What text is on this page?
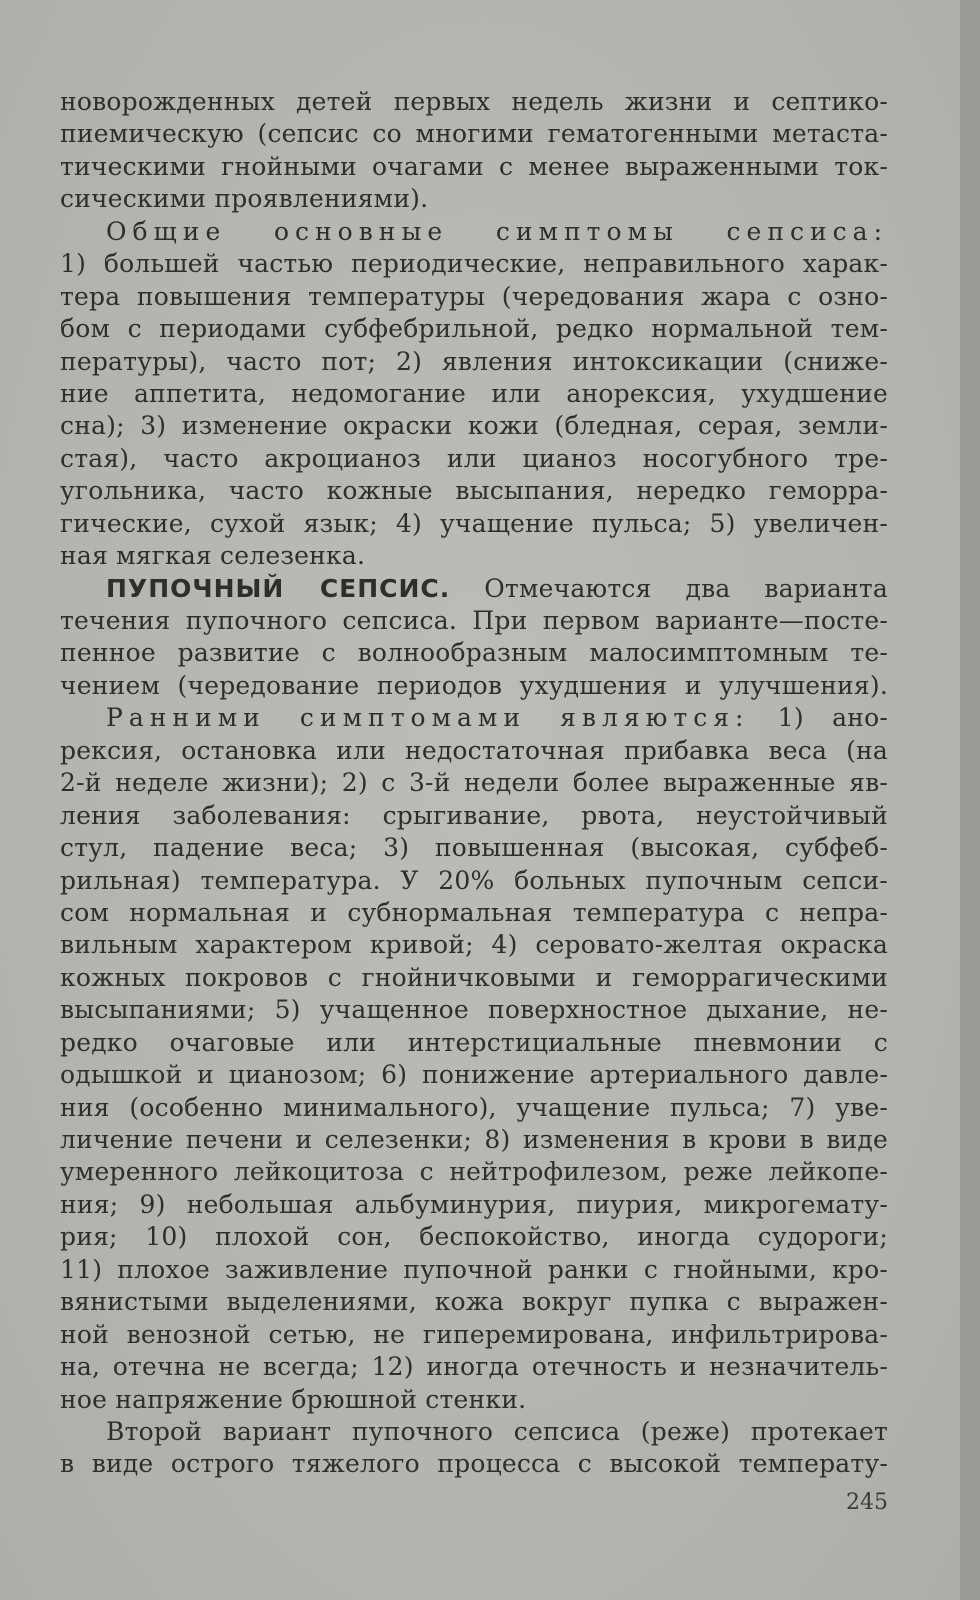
новорожденных детей первых недель жизни и септико-
пиемическую (сепсис со многими гематогенными метаста-
тическими гнойными очагами с менее выраженными ток-
сическими проявлениями).
Общие основные симптомы сепсиса:
1) большей частью периодические, неправильного харак-
тера повышения температуры (чередования жара с озно-
бом с периодами субфебрильной, редко нормальной тем-
пературы), часто пот; 2) явления интоксикации (сниже-
ние аппетита, недомогание или анорексия, ухудшение
сна); 3) изменение окраски кожи (бледная, серая, земли-
стая), часто акроцианоз или цианоз носогубного тре-
угольника, часто кожные высыпания, нередко геморра-
гические, сухой язык; 4) учащение пульса; 5) увеличен-
ная мягкая селезенка.
ПУПОЧНЫЙ СЕПСИС. Отмечаются два варианта
течения пупочного сепсиса. При первом варианте—посте-
пенное развитие с волнообразным малосимптомным те-
чением (чередование периодов ухудшения и улучшения).
Ранними симптомами являются: 1) ано-
рексия, остановка или недостаточная прибавка веса (на
2-й неделе жизни); 2) с 3-й недели более выраженные яв-
ления заболевания: срыгивание, рвота, неустойчивый
стул, падение веса; 3) повышенная (высокая, субфеб-
рильная) температура. У 20% больных пупочным сепси-
сом нормальная и субнормальная температура с непра-
вильным характером кривой; 4) серовато-желтая окраска
кожных покровов с гнойничковыми и геморрагическими
высыпаниями; 5) учащенное поверхностное дыхание, не-
редко очаговые или интерстициальные пневмонии с
одышкой и цианозом; 6) понижение артериального давле-
ния (особенно минимального), учащение пульса; 7) уве-
личение печени и селезенки; 8) изменения в крови в виде
умеренного лейкоцитоза с нейтрофилезом, реже лейкопе-
ния; 9) небольшая альбуминурия, пиурия, микрогемату-
рия; 10) плохой сон, беспокойство, иногда судороги;
11) плохое заживление пупочной ранки с гнойными, кро-
вянистыми выделениями, кожа вокруг пупка с выражен-
ной венозной сетью, не гиперемирована, инфильтрирова-
на, отечна не всегда; 12) иногда отечность и незначитель-
ное напряжение брюшной стенки.
Второй вариант пупочного сепсиса (реже) протекает
в виде острого тяжелого процесса с высокой температу-
245
